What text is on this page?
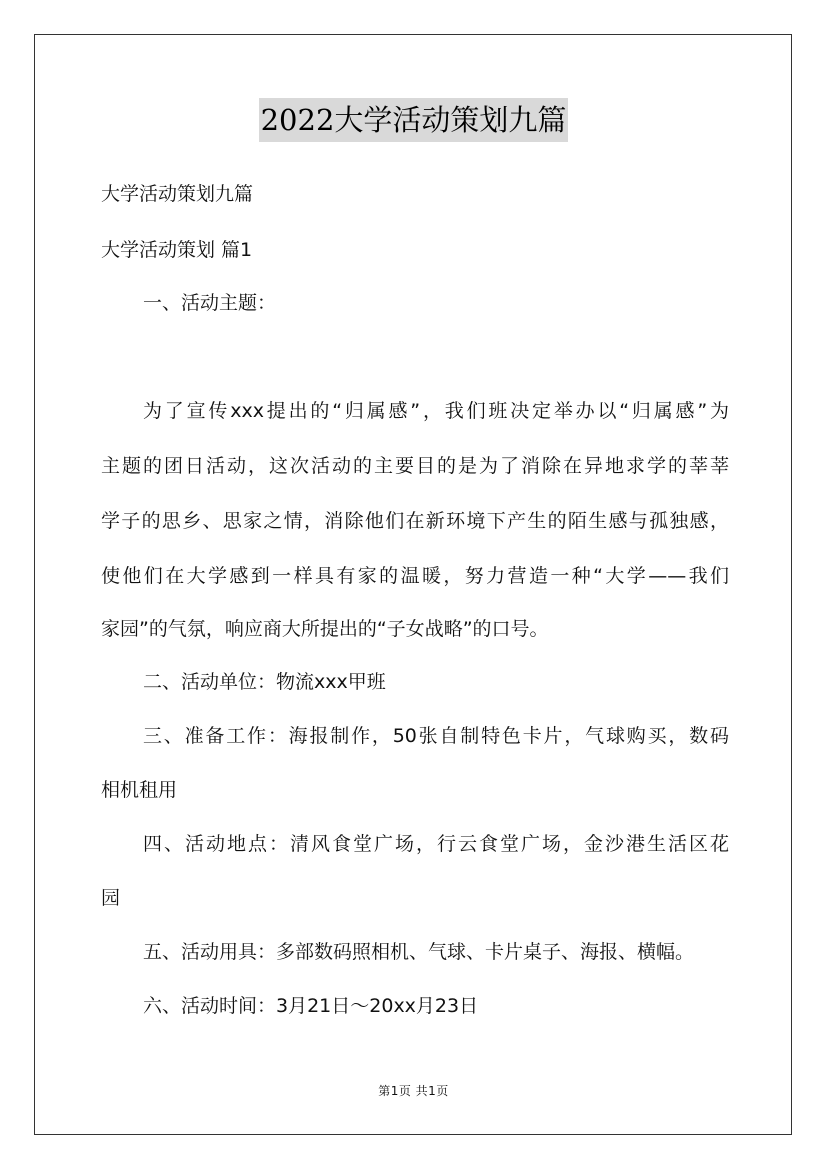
2022大学活动策划九篇
大学活动策划九篇
大学活动策划 篇1
一、活动主题：
为了宣传xxx提出的“归属感”，我们班决定举办以“归属感”为
主题的团日活动，这次活动的主要目的是为了消除在异地求学的莘莘
学子的思乡、思家之情，消除他们在新环境下产生的陌生感与孤独感，
使他们在大学感到一样具有家的温暖，努力营造一种“大学——我们
家园”的气氛，响应商大所提出的“子女战略”的口号。
二、活动单位：物流xxx甲班
三、准备工作：海报制作，50张自制特色卡片，气球购买，数码
相机租用
四、活动地点：清风食堂广场，行云食堂广场，金沙港生活区花
园
五、活动用具：多部数码照相机、气球、卡片桌子、海报、横幅。
六、活动时间：3月21日～20xx月23日
第1页 共1页
